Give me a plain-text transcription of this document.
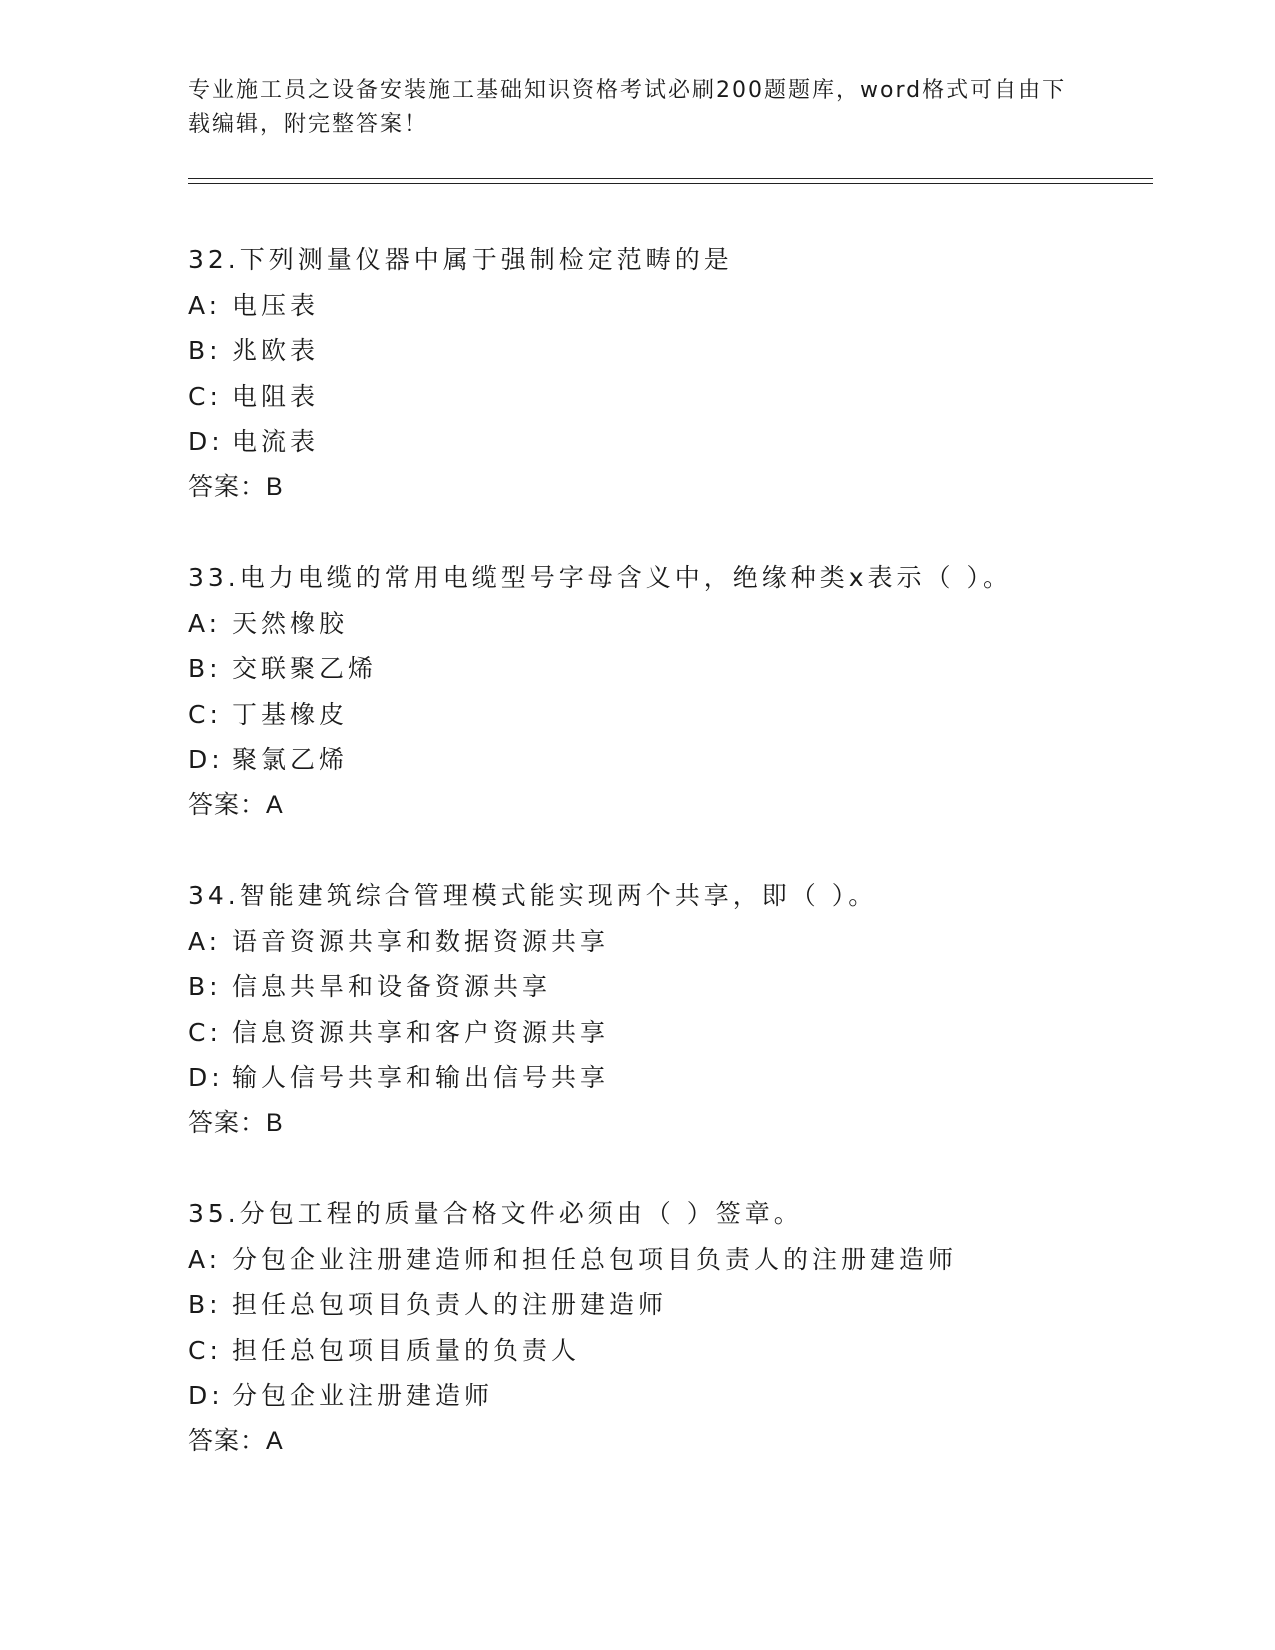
专业施工员之设备安装施工基础知识资格考试必刷200题题库，word格式可自由下载编辑，附完整答案！
32.下列测量仪器中属于强制检定范畴的是
A: 电压表
B: 兆欧表
C: 电阻表
D: 电流表
答案：B
33.电力电缆的常用电缆型号字母含义中，绝缘种类x表示（ ）。
A: 天然橡胶
B: 交联聚乙烯
C: 丁基橡皮
D: 聚氯乙烯
答案：A
34.智能建筑综合管理模式能实现两个共享，即（ ）。
A: 语音资源共享和数据资源共享
B: 信息共旱和设备资源共享
C: 信息资源共享和客户资源共享
D: 输人信号共享和输出信号共享
答案：B
35.分包工程的质量合格文件必须由（ ）签章。
A: 分包企业注册建造师和担任总包项目负责人的注册建造师
B: 担任总包项目负责人的注册建造师
C: 担任总包项目质量的负责人
D: 分包企业注册建造师
答案：A
